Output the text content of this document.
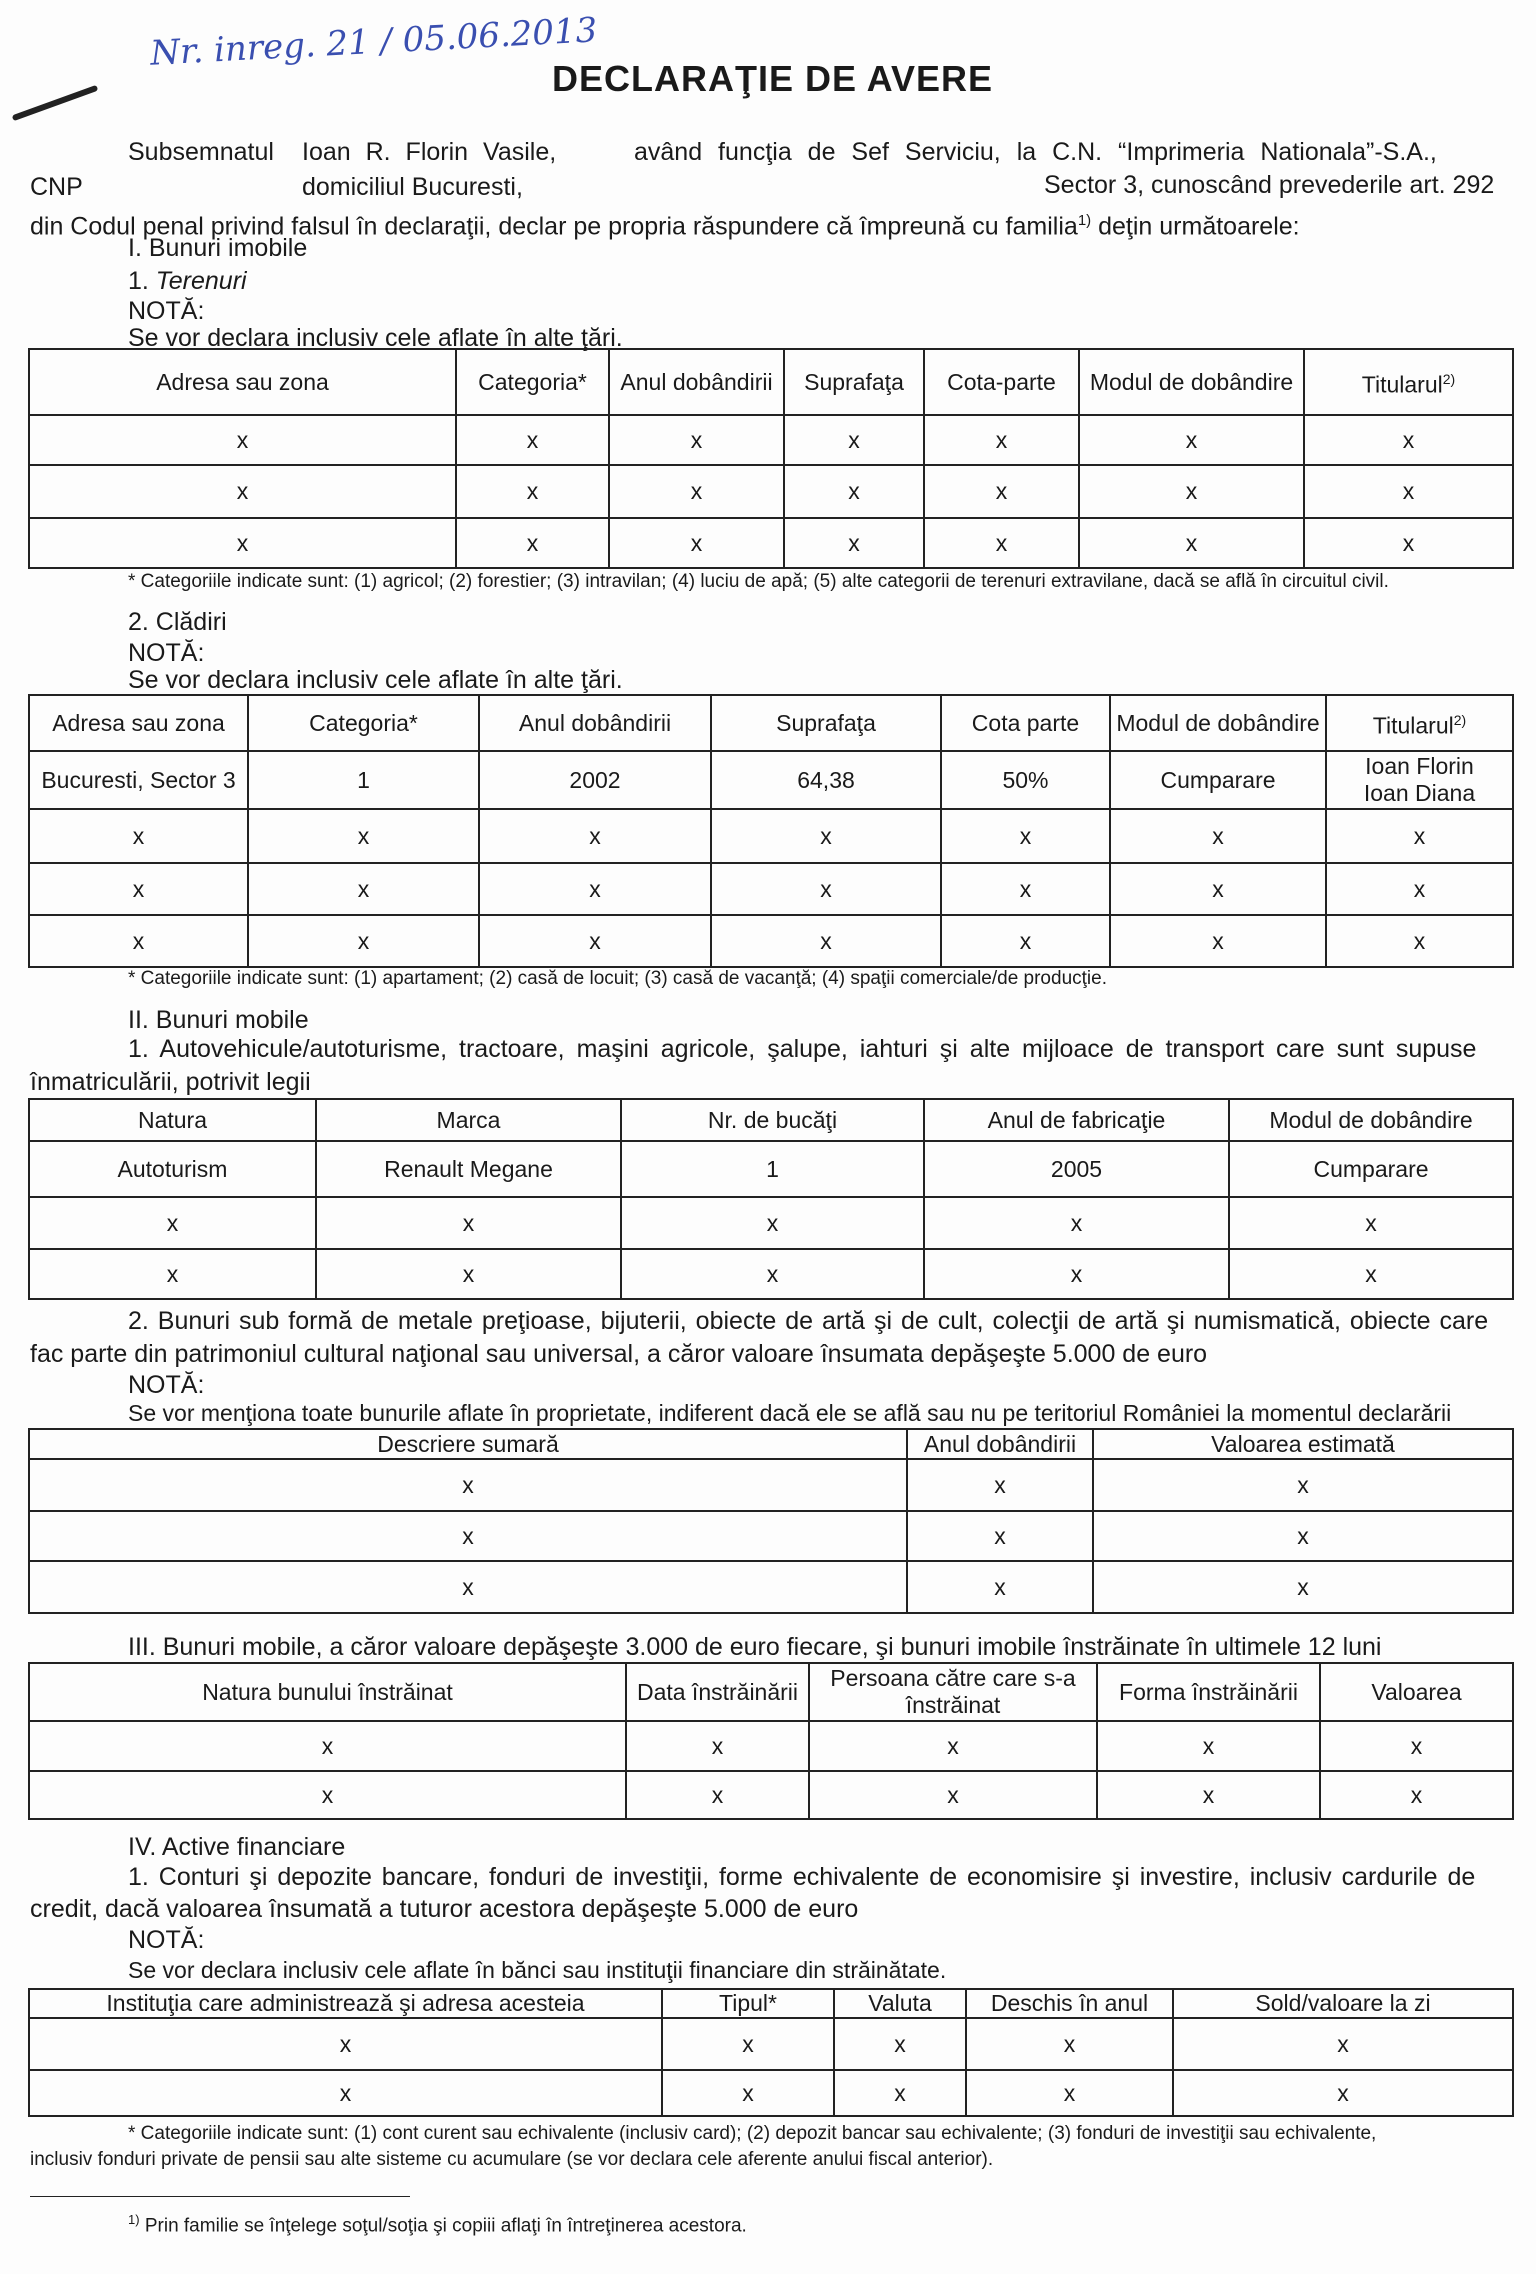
Nr. inreg. 21 / 05.06.2013
DECLARAŢIE DE AVERE
Subsemnatul Ioan R. Florin Vasile,	având funcţia de Sef Serviciu, la C.N. “Imprimeria Nationala”-S.A.,
CNP	domiciliul Bucuresti,	Sector 3, cunoscând prevederile art. 292
din Codul penal privind falsul în declaraţii, declar pe propria răspundere că împreună cu familia$^{1)}$ deţin următoarele:
I. Bunuri imobile
1. Terenuri
NOTĂ:
Se vor declara inclusiv cele aflate în alte ţări.
Adresa sau zona	Categoria*	Anul dobândirii	Suprafaţa	Cota-parte	Modul de dobândire	Titularul$^{2)}$
x	x	x	x	x	x	x
x	x	x	x	x	x	x
x	x	x	x	x	x	x
* Categoriile indicate sunt: (1) agricol; (2) forestier; (3) intravilan; (4) luciu de apă; (5) alte categorii de terenuri extravilane, dacă se află în circuitul civil.
2. Clădiri
NOTĂ:
Se vor declara inclusiv cele aflate în alte ţări.
Adresa sau zona	Categoria*	Anul dobândirii	Suprafaţa	Cota parte	Modul de dobândire	Titularul$^{2)}$
Bucuresti, Sector 3	1	2002	64,38	50%	Cumparare	Ioan Florin
Ioan Diana

x	x	x	x	x	x	x
x	x	x	x	x	x	x
x	x	x	x	x	x	x
* Categoriile indicate sunt: (1) apartament; (2) casă de locuit; (3) casă de vacanţă; (4) spaţii comerciale/de producţie.
II. Bunuri mobile
1. Autovehicule/autoturisme, tractoare, maşini agricole, şalupe, iahturi şi alte mijloace de transport care sunt supuse
înmatriculării, potrivit legii
Natura	Marca	Nr. de bucăţi	Anul de fabricaţie	Modul de dobândire
Autoturism	Renault Megane	1	2005	Cumparare
x	x	x	x	x
x	x	x	x	x
2. Bunuri sub formă de metale preţioase, bijuterii, obiecte de artă şi de cult, colecţii de artă şi numismatică, obiecte care
fac parte din patrimoniul cultural naţional sau universal, a căror valoare însumata depăşeşte 5.000 de euro
NOTĂ:
Se vor menţiona toate bunurile aflate în proprietate, indiferent dacă ele se află sau nu pe teritoriul României la momentul declarării
Descriere sumară	Anul dobândirii	Valoarea estimată
x	x	x
x	x	x
x	x	x
III. Bunuri mobile, a căror valoare depăşeşte 3.000 de euro fiecare, şi bunuri imobile înstrăinate în ultimele 12 luni
Natura bunului înstrăinat	Data înstrăinării	Persoana către care s-a înstrăinat	Forma înstrăinării	Valoarea
x	x	x	x	x
x	x	x	x	x
IV. Active financiare
1. Conturi şi depozite bancare, fonduri de investiţii, forme echivalente de economisire şi investire, inclusiv cardurile de
credit, dacă valoarea însumată a tuturor acestora depăşeşte 5.000 de euro
NOTĂ:
Se vor declara inclusiv cele aflate în bănci sau instituţii financiare din străinătate.
Instituţia care administrează şi adresa acesteia	Tipul*	Valuta	Deschis în anul	Sold/valoare la zi
x	x	x	x	x
x	x	x	x	x
* Categoriile indicate sunt: (1) cont curent sau echivalente (inclusiv card); (2) depozit bancar sau echivalente; (3) fonduri de investiţii sau echivalente,
inclusiv fonduri private de pensii sau alte sisteme cu acumulare (se vor declara cele aferente anului fiscal anterior).
$^{1)}$ Prin familie se înţelege soţul/soţia şi copiii aflaţi în întreţinerea acestora.
